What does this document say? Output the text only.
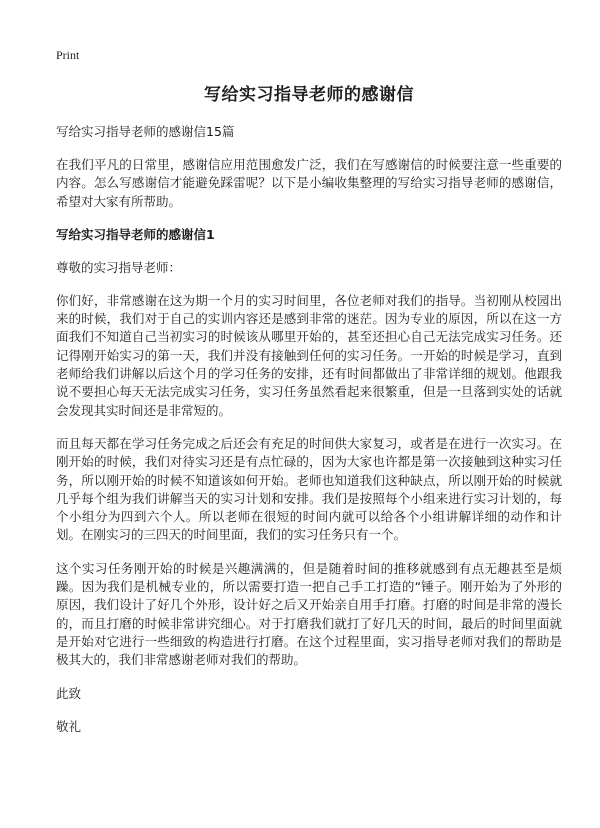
Print
写给实习指导老师的感谢信
写给实习指导老师的感谢信15篇

在我们平凡的日常里，感谢信应用范围愈发广泛，我们在写感谢信的时候要注意一些重要的内容。怎么写感谢信才能避免踩雷呢？以下是小编收集整理的写给实习指导老师的感谢信，希望对大家有所帮助。

写给实习指导老师的感谢信1
尊敬的实习指导老师：

你们好，非常感谢在这为期一个月的实习时间里，各位老师对我们的指导。当初刚从校园出来的时候，我们对于自己的实训内容还是感到非常的迷茫。因为专业的原因，所以在这一方面我们不知道自己当初实习的时候该从哪里开始的，甚至还担心自己无法完成实习任务。还记得刚开始实习的第一天，我们并没有接触到任何的实习任务。一开始的时候是学习，直到老师给我们讲解以后这个月的学习任务的安排，还有时间都做出了非常详细的规划。他跟我说不要担心每天无法完成实习任务，实习任务虽然看起来很繁重，但是一旦落到实处的话就会发现其实时间还是非常短的。

而且每天都在学习任务完成之后还会有充足的时间供大家复习，或者是在进行一次实习。在刚开始的时候，我们对待实习还是有点忙碌的，因为大家也许都是第一次接触到这种实习任务，所以刚开始的时候不知道该如何开始。老师也知道我们这种缺点，所以刚开始的时候就几乎每个组为我们讲解当天的实习计划和安排。我们是按照每个小组来进行实习计划的，每个小组分为四到六个人。所以老师在很短的时间内就可以给各个小组讲解详细的动作和计划。在刚实习的三四天的时间里面，我们的实习任务只有一个。

这个实习任务刚开始的时候是兴趣满满的，但是随着时间的推移就感到有点无趣甚至是烦躁。因为我们是机械专业的，所以需要打造一把自己手工打造的“锤子。刚开始为了外形的原因，我们设计了好几个外形，设计好之后又开始亲自用手打磨。打磨的时间是非常的漫长的，而且打磨的时候非常讲究细心。对于打磨我们就打了好几天的时间，最后的时间里面就是开始对它进行一些细致的构造进行打磨。在这个过程里面，实习指导老师对我们的帮助是极其大的，我们非常感谢老师对我们的帮助。

此致
敬礼
